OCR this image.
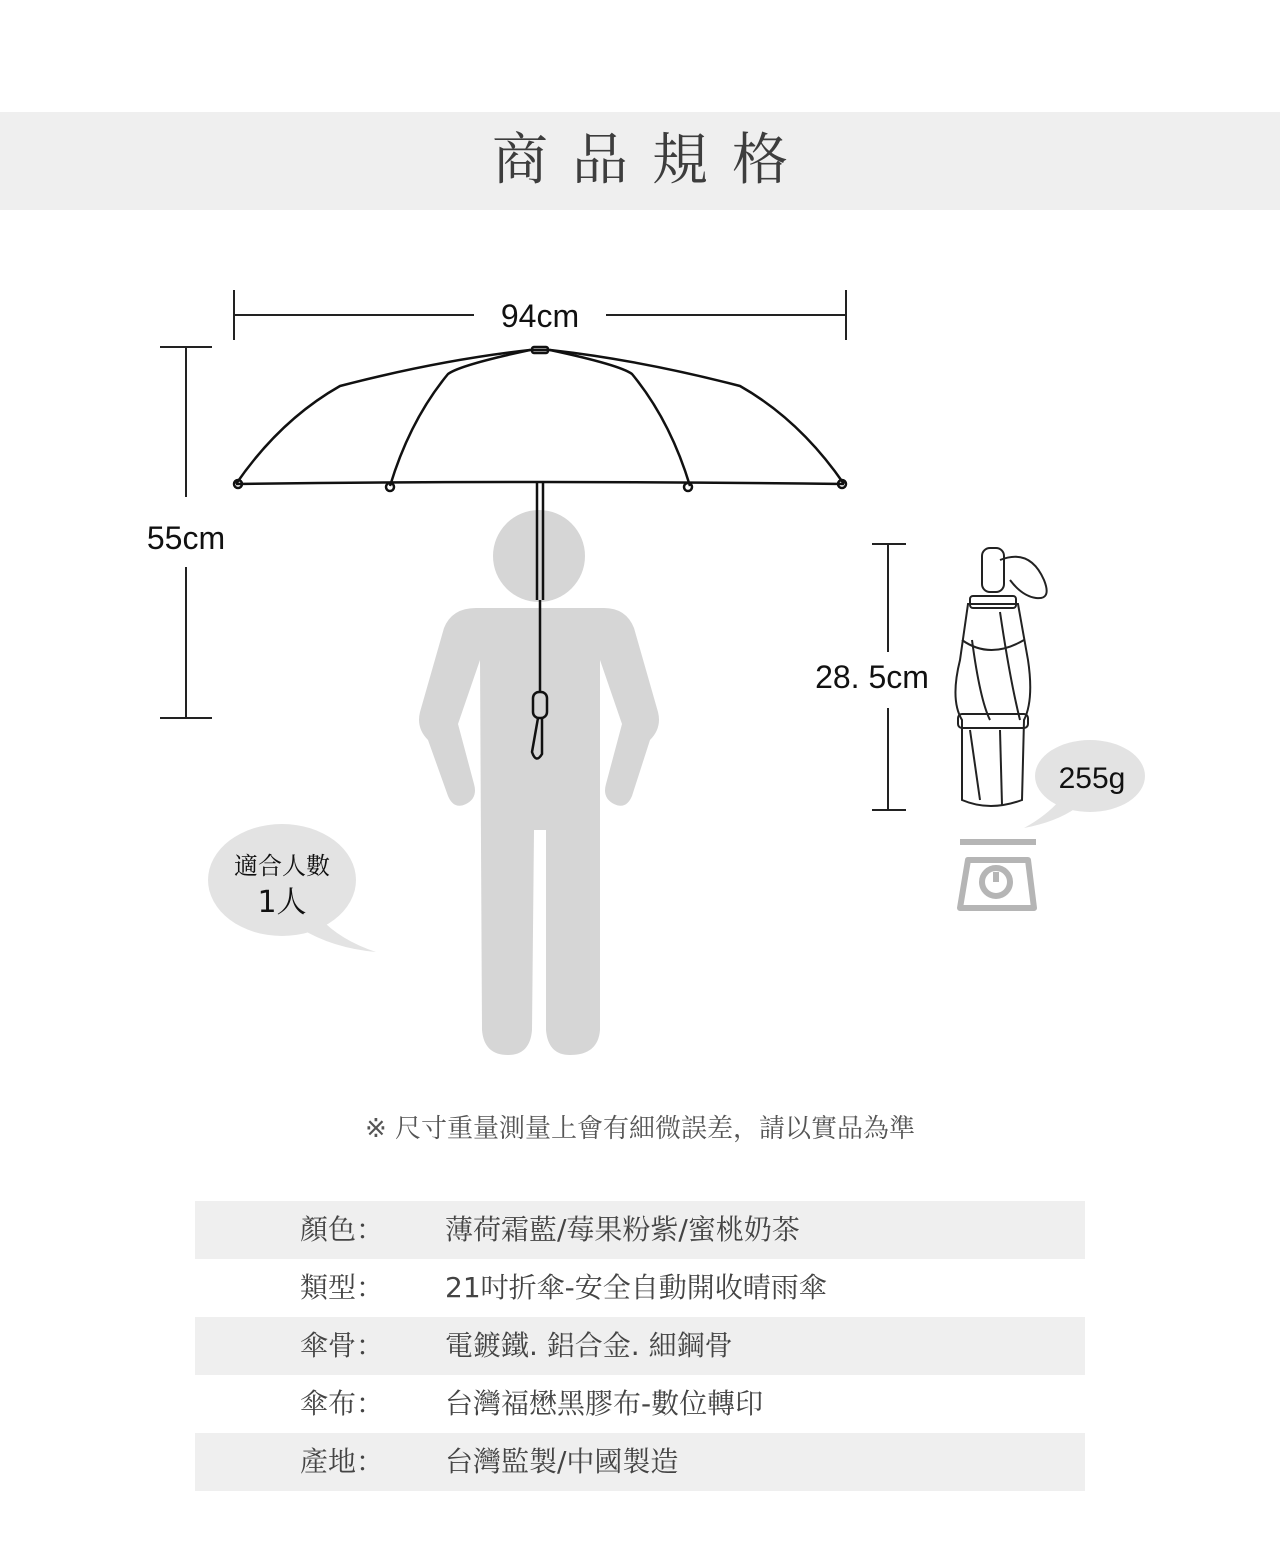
商品規格
適合人數
1人
94cm
55cm
28. 5cm
255g
※ 尺寸重量測量上會有細微誤差，請以實品為準
顏色： 薄荷霜藍/莓果粉紫/蜜桃奶茶
類型： 21吋折傘-安全自動開收晴雨傘
傘骨： 電鍍鐵. 鋁合金. 細鋼骨
傘布： 台灣福懋黑膠布-數位轉印
產地： 台灣監製/中國製造
